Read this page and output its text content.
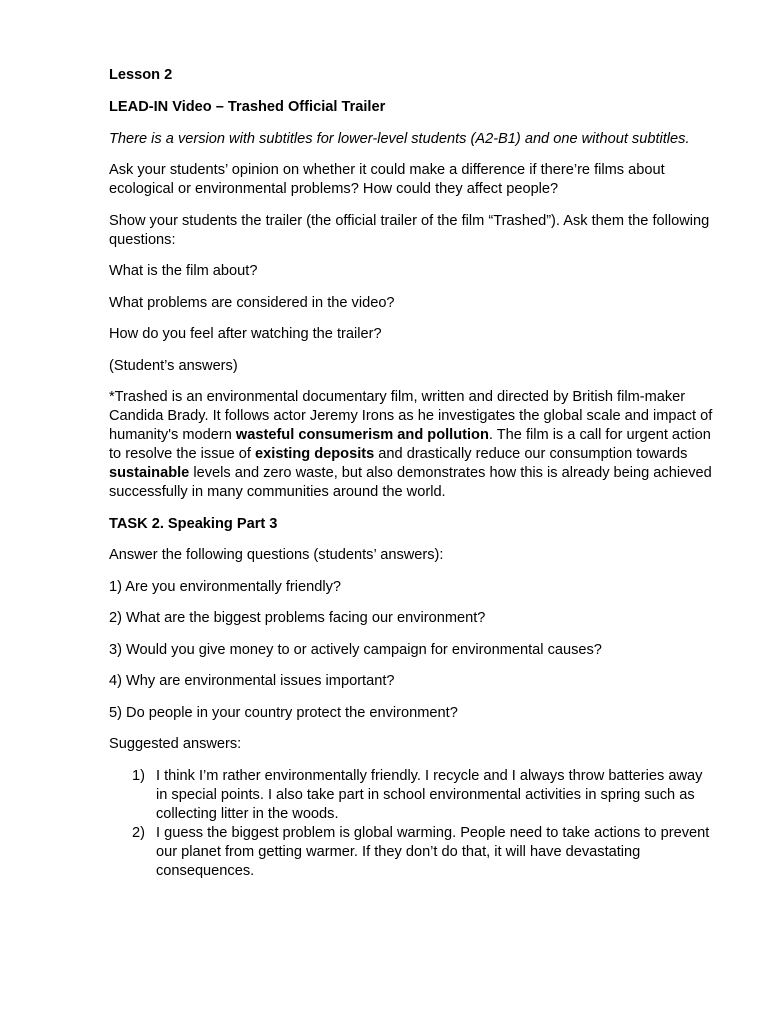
Lesson 2

LEAD-IN Video – Trashed Official Trailer

There is a version with subtitles for lower-level students (A2-B1) and one without subtitles.

Ask your students’ opinion on whether it could make a difference if there’re films about ecological or environmental problems? How could they affect people?

Show your students the trailer (the official trailer of the film “Trashed”). Ask them the following questions:

What is the film about?

What problems are considered in the video?

How do you feel after watching the trailer?

(Student’s answers)

*Trashed is an environmental documentary film, written and directed by British film-maker Candida Brady. It follows actor Jeremy Irons as he investigates the global scale and impact of humanity's modern wasteful consumerism and pollution. The film is a call for urgent action to resolve the issue of existing deposits and drastically reduce our consumption towards sustainable levels and zero waste, but also demonstrates how this is already being achieved successfully in many communities around the world.

TASK 2. Speaking Part 3

Answer the following questions (students’ answers):

1) Are you environmentally friendly?

2) What are the biggest problems facing our environment?

3) Would you give money to or actively campaign for environmental causes?

4) Why are environmental issues important?

5) Do people in your country protect the environment?

Suggested answers:

1) I think I’m rather environmentally friendly. I recycle and I always throw batteries away in special points. I also take part in school environmental activities in spring such as collecting litter in the woods.
2) I guess the biggest problem is global warming. People need to take actions to prevent our planet from getting warmer. If they don’t do that, it will have devastating consequences.
